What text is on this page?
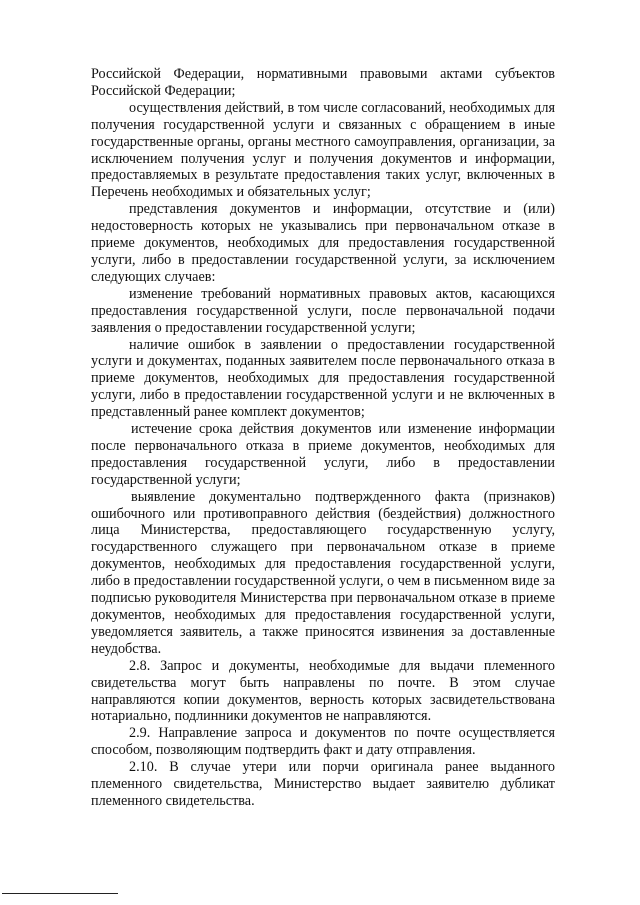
Российской Федерации, нормативными правовыми актами субъектов Российской Федерации;

осуществления действий, в том числе согласований, необходимых для получения государственной услуги и связанных с обращением в иные государственные органы, органы местного самоуправления, организации, за исключением получения услуг и получения документов и информации, предоставляемых в результате предоставления таких услуг, включенных в Перечень необходимых и обязательных услуг;

представления документов и информации, отсутствие и (или) недостоверность которых не указывались при первоначальном отказе в приеме документов, необходимых для предоставления государственной услуги, либо в предоставлении государственной услуги, за исключением следующих случаев:

изменение требований нормативных правовых актов, касающихся предоставления государственной услуги, после первоначальной подачи заявления о предоставлении государственной услуги;

наличие ошибок в заявлении о предоставлении государственной услуги и документах, поданных заявителем после первоначального отказа в приеме документов, необходимых для предоставления государственной услуги, либо в предоставлении государственной услуги и не включенных в представленный ранее комплект документов;

истечение срока действия документов или изменение информации после первоначального отказа в приеме документов, необходимых для предоставления государственной услуги, либо в предоставлении государственной услуги;

выявление документально подтвержденного факта (признаков) ошибочного или противоправного действия (бездействия) должностного лица Министерства, предоставляющего государственную услугу, государственного служащего при первоначальном отказе в приеме документов, необходимых для предоставления государственной услуги, либо в предоставлении государственной услуги, о чем в письменном виде за подписью руководителя Министерства при первоначальном отказе в приеме документов, необходимых для предоставления государственной услуги, уведомляется заявитель, а также приносятся извинения за доставленные неудобства.

2.8. Запрос и документы, необходимые для выдачи племенного свидетельства могут быть направлены по почте. В этом случае направляются копии документов, верность которых засвидетельствована нотариально, подлинники документов не направляются.

2.9. Направление запроса и документов по почте осуществляется способом, позволяющим подтвердить факт и дату отправления.

2.10. В случае утери или порчи оригинала ранее выданного племенного свидетельства, Министерство выдает заявителю дубликат племенного свидетельства.
